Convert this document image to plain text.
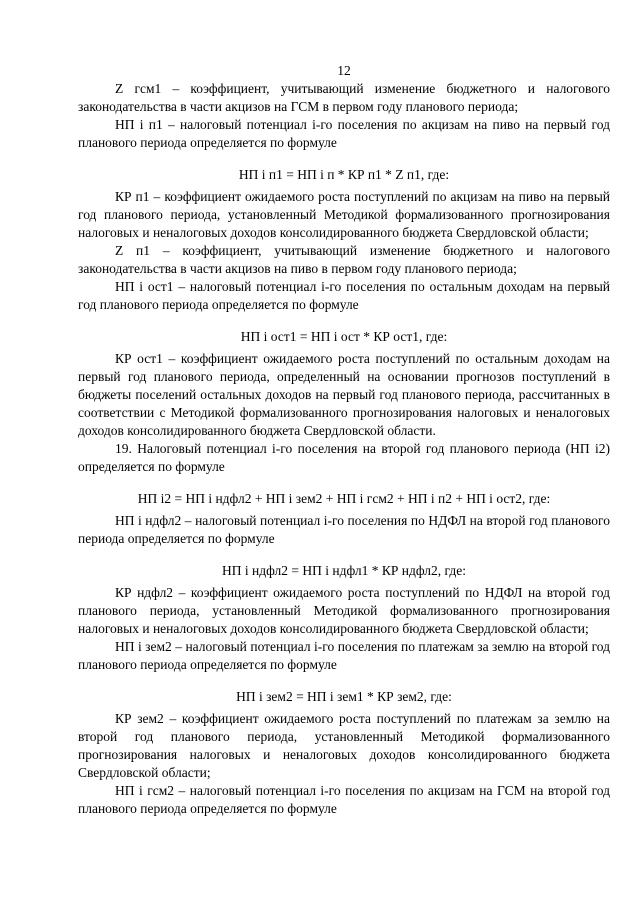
12

Z гсм1 – коэффициент, учитывающий изменение бюджетного и налогового законодательства в части акцизов на ГСМ в первом году планового периода;

НП i п1 – налоговый потенциал i-го поселения по акцизам на пиво на первый год планового периода определяется по формуле

НП i п1 = НП i п * КР п1 * Z п1, где:

КР п1 – коэффициент ожидаемого роста поступлений по акцизам на пиво на первый год планового периода, установленный Методикой формализованного прогнозирования налоговых и неналоговых доходов консолидированного бюджета Свердловской области;

Z п1 – коэффициент, учитывающий изменение бюджетного и налогового законодательства в части акцизов на пиво в первом году планового периода;

НП i ост1 – налоговый потенциал i-го поселения по остальным доходам на первый год планового периода определяется по формуле

НП i ост1 = НП i ост * КР ост1, где:

КР ост1 – коэффициент ожидаемого роста поступлений по остальным доходам на первый год планового периода, определенный на основании прогнозов поступлений в бюджеты поселений остальных доходов на первый год планового периода, рассчитанных в соответствии с Методикой формализованного прогнозирования налоговых и неналоговых доходов консолидированного бюджета Свердловской области.

19. Налоговый потенциал i-го поселения на второй год планового периода (НП i2) определяется по формуле

НП i2 = НП i ндфл2 + НП i зем2 + НП i гсм2 + НП i п2 + НП i ост2, где:

НП i ндфл2 – налоговый потенциал i-го поселения по НДФЛ на второй год планового периода определяется по формуле

НП i ндфл2 = НП i ндфл1 * КР ндфл2, где:

КР ндфл2 – коэффициент ожидаемого роста поступлений по НДФЛ на второй год планового периода, установленный Методикой формализованного прогнозирования налоговых и неналоговых доходов консолидированного бюджета Свердловской области;

НП i зем2 – налоговый потенциал i-го поселения по платежам за землю на второй год планового периода определяется по формуле

НП i зем2 = НП i зем1 * КР зем2, где:

КР зем2 – коэффициент ожидаемого роста поступлений по платежам за землю на второй год планового периода, установленный Методикой формализованного прогнозирования налоговых и неналоговых доходов консолидированного бюджета Свердловской области;

НП i гсм2 – налоговый потенциал i-го поселения по акцизам на ГСМ на второй год планового периода определяется по формуле
